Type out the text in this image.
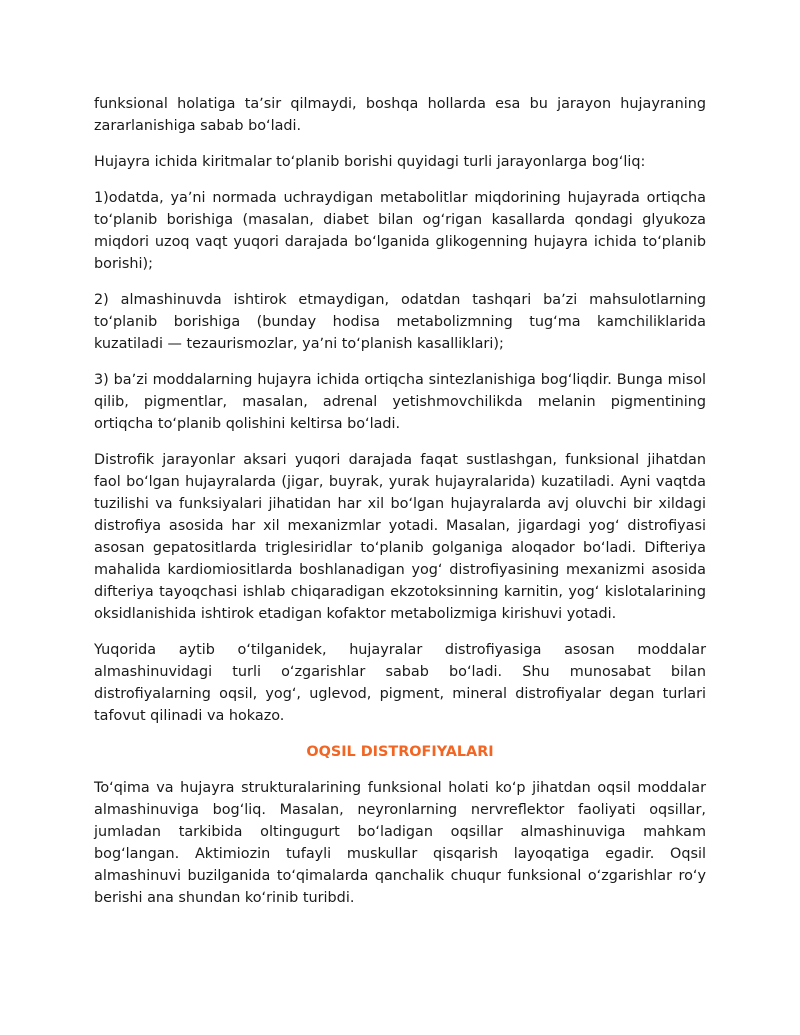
funksional holatiga taʼsir qilmaydi, boshqa hollarda esa bu jarayon hujayraning zararlanishiga sabab boʻladi.

Hujayra ichida kiritmalar toʻplanib borishi quyidagi turli jarayonlarga bogʻliq:

1)odatda, yaʼni normada uchraydigan metabolitlar miqdorining hujayrada ortiqcha toʻplanib borishiga (masalan, diabet bilan ogʻrigan kasallarda qondagi glyukoza miqdori uzoq vaqt yuqori darajada boʻlganida glikogenning hujayra ichida toʻplanib borishi);

2) almashinuvda ishtirok etmaydigan, odatdan tashqari baʼzi mahsulotlarning toʻplanib borishiga (bunday hodisa metabolizmning tugʻma kamchiliklarida kuzatiladi — tezaurismozlar, yaʼni toʻplanish kasalliklari);

3) baʼzi moddalarning hujayra ichida ortiqcha sintezlanishiga bogʻliqdir. Bunga misol qilib, pigmentlar, masalan, adrenal yetishmovchilikda melanin pigmentining ortiqcha toʻplanib qolishini keltirsa boʻladi.

Distrofik jarayonlar aksari yuqori darajada faqat sustlashgan, funksional jihatdan faol boʻlgan hujayralarda (jigar, buyrak, yurak hujayralarida) kuzatiladi. Ayni vaqtda tuzilishi va funksiyalari jihatidan har xil boʻlgan hujayralarda avj oluvchi bir xildagi distrofiya asosida har xil mexanizmlar yotadi. Masalan, jigardagi yogʻ distrofiyasi asosan gepatositlarda triglesiridlar toʻplanib golganiga aloqador boʻladi. Difteriya mahalida kardiomiositlarda boshlanadigan yogʻ distrofiyasining mexanizmi asosida difteriya tayoqchasi ishlab chiqaradigan ekzotoksinning karnitin, yogʻ kislotalarining oksidlanishida ishtirok etadigan kofaktor metabolizmiga kirishuvi yotadi.

Yuqorida aytib oʻtilganidek, hujayralar distrofiyasiga asosan moddalar almashinuvidagi turli oʻzgarishlar sabab boʻladi. Shu munosabat bilan distrofiyalarning oqsil, yogʻ, uglevod, pigment, mineral distrofiyalar degan turlari tafovut qilinadi va hokazo.

OQSIL DISTROFIYALARI

Toʻqima va hujayra strukturalarining funksional holati koʻp jihatdan oqsil moddalar almashinuviga bogʻliq. Masalan, neyronlarning nervreflektor faoliyati oqsillar, jumladan tarkibida oltingugurt boʻladigan oqsillar almashinuviga mahkam bogʻlangan. Aktimiozin tufayli muskullar qisqarish layoqatiga egadir. Oqsil almashinuvi buzilganida toʻqimalarda qanchalik chuqur funksional oʻzgarishlar roʻy berishi ana shundan koʻrinib turibdi.
